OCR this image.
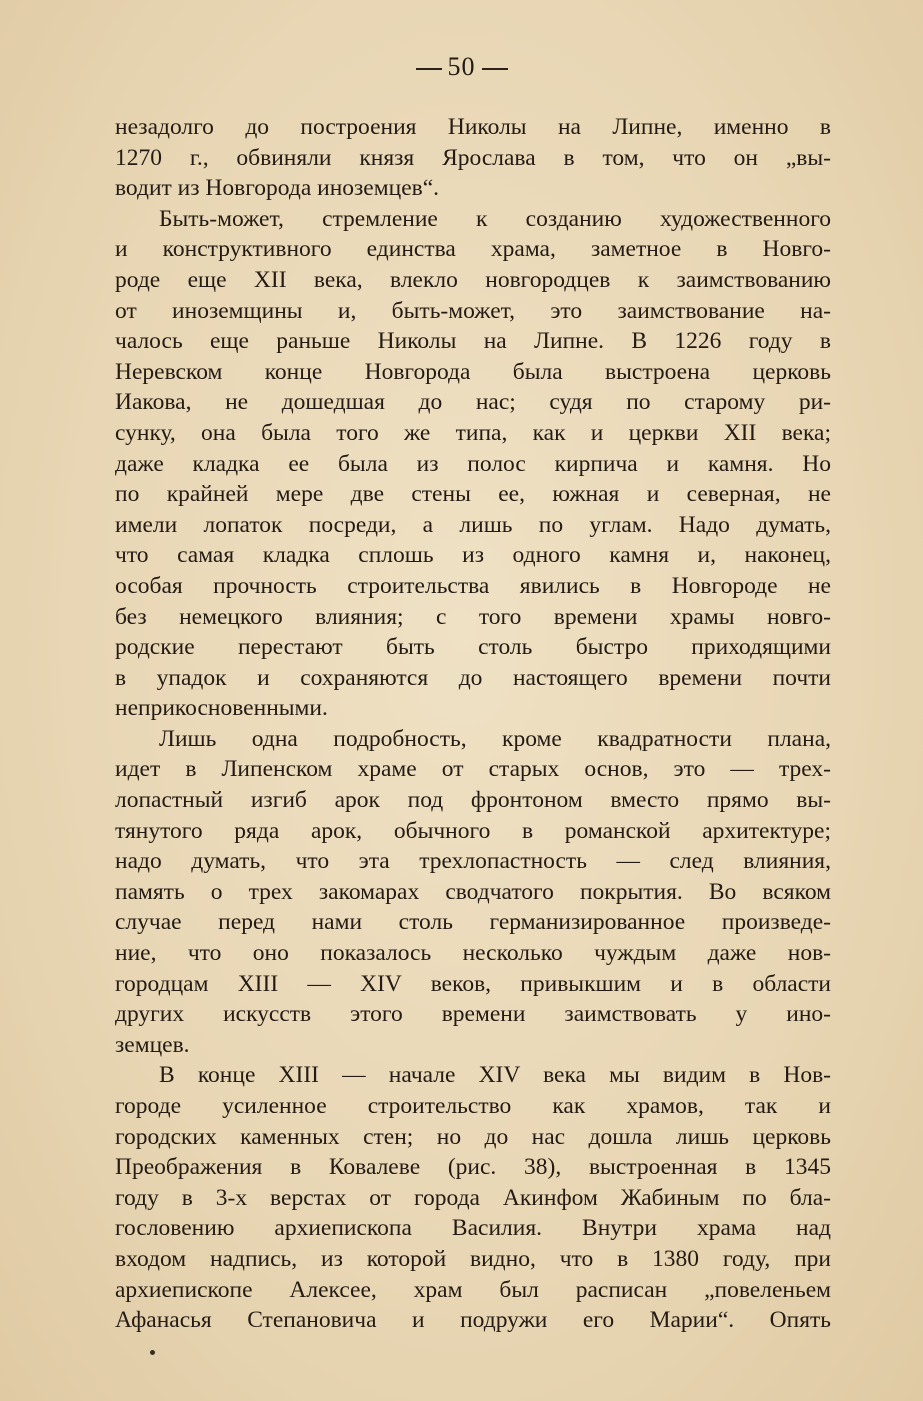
50
незадолго до построения Николы на Липне, именно в
1270 г., обвиняли князя Ярослава в том, что он „вы-
водит из Новгорода иноземцев“.
Быть-может, стремление к созданию художественного
и конструктивного единства храма, заметное в Новго-
роде еще XII века, влекло новгородцев к заимствованию
от иноземщины и, быть-может, это заимствование на-
чалось еще раньше Николы на Липне. В 1226 году в
Неревском конце Новгорода была выстроена церковь
Иакова, не дошедшая до нас; судя по старому ри-
сунку, она была того же типа, как и церкви XII века;
даже кладка ее была из полос кирпича и камня. Но
по крайней мере две стены ее, южная и северная, не
имели лопаток посреди, а лишь по углам. Надо думать,
что самая кладка сплошь из одного камня и, наконец,
особая прочность строительства явились в Новгороде не
без немецкого влияния; с того времени храмы новго-
родские перестают быть столь быстро приходящими
в упадок и сохраняются до настоящего времени почти
неприкосновенными.
Лишь одна подробность, кроме квадратности плана,
идет в Липенском храме от старых основ, это — трех-
лопастный изгиб арок под фронтоном вместо прямо вы-
тянутого ряда арок, обычного в романской архитектуре;
надо думать, что эта трехлопастность — след влияния,
память о трех закомарах сводчатого покрытия. Во всяком
случае перед нами столь германизированное произведе-
ние, что оно показалось несколько чуждым даже нов-
городцам XIII — XIV веков, привыкшим и в области
других искусств этого времени заимствовать у ино-
земцев.
В конце XIII — начале XIV века мы видим в Нов-
городе усиленное строительство как храмов, так и
городских каменных стен; но до нас дошла лишь церковь
Преображения в Ковалеве (рис. 38), выстроенная в 1345
году в 3-х верстах от города Акинфом Жабиным по бла-
гословению архиепископа Василия. Внутри храма над
входом надпись, из которой видно, что в 1380 году, при
архиепископе Алексее, храм был расписан „повеленьем
Афанасья Степановича и подружи его Марии“. Опять
